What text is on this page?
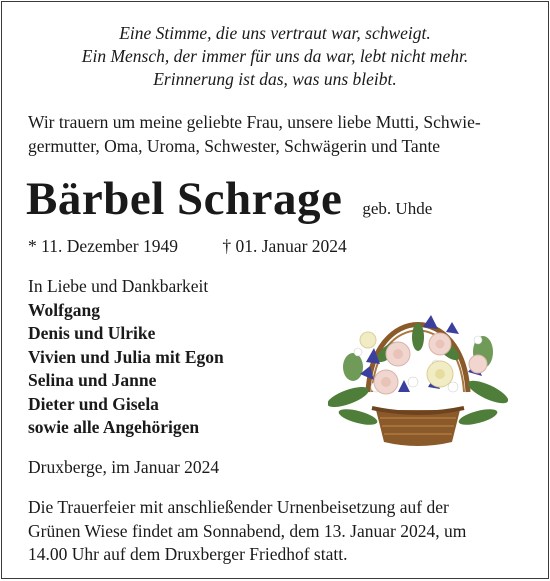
Eine Stimme, die uns vertraut war, schweigt.
Ein Mensch, der immer für uns da war, lebt nicht mehr.
Erinnerung ist das, was uns bleibt.
Wir trauern um meine geliebte Frau, unsere liebe Mutti, Schwie-
germutter, Oma, Uroma, Schwester, Schwägerin und Tante
Bärbel Schrage geb. Uhde
* 11. Dezember 1949	† 01. Januar 2024
In Liebe und Dankbarkeit
Wolfgang
Denis und Ulrike
Vivien und Julia mit Egon
Selina und Janne
Dieter und Gisela
sowie alle Angehörigen
Druxberge, im Januar 2024
Die Trauerfeier mit anschließender Urnenbeisetzung auf der
Grünen Wiese findet am Sonnabend, dem 13. Januar 2024, um
14.00 Uhr auf dem Druxberger Friedhof statt.
